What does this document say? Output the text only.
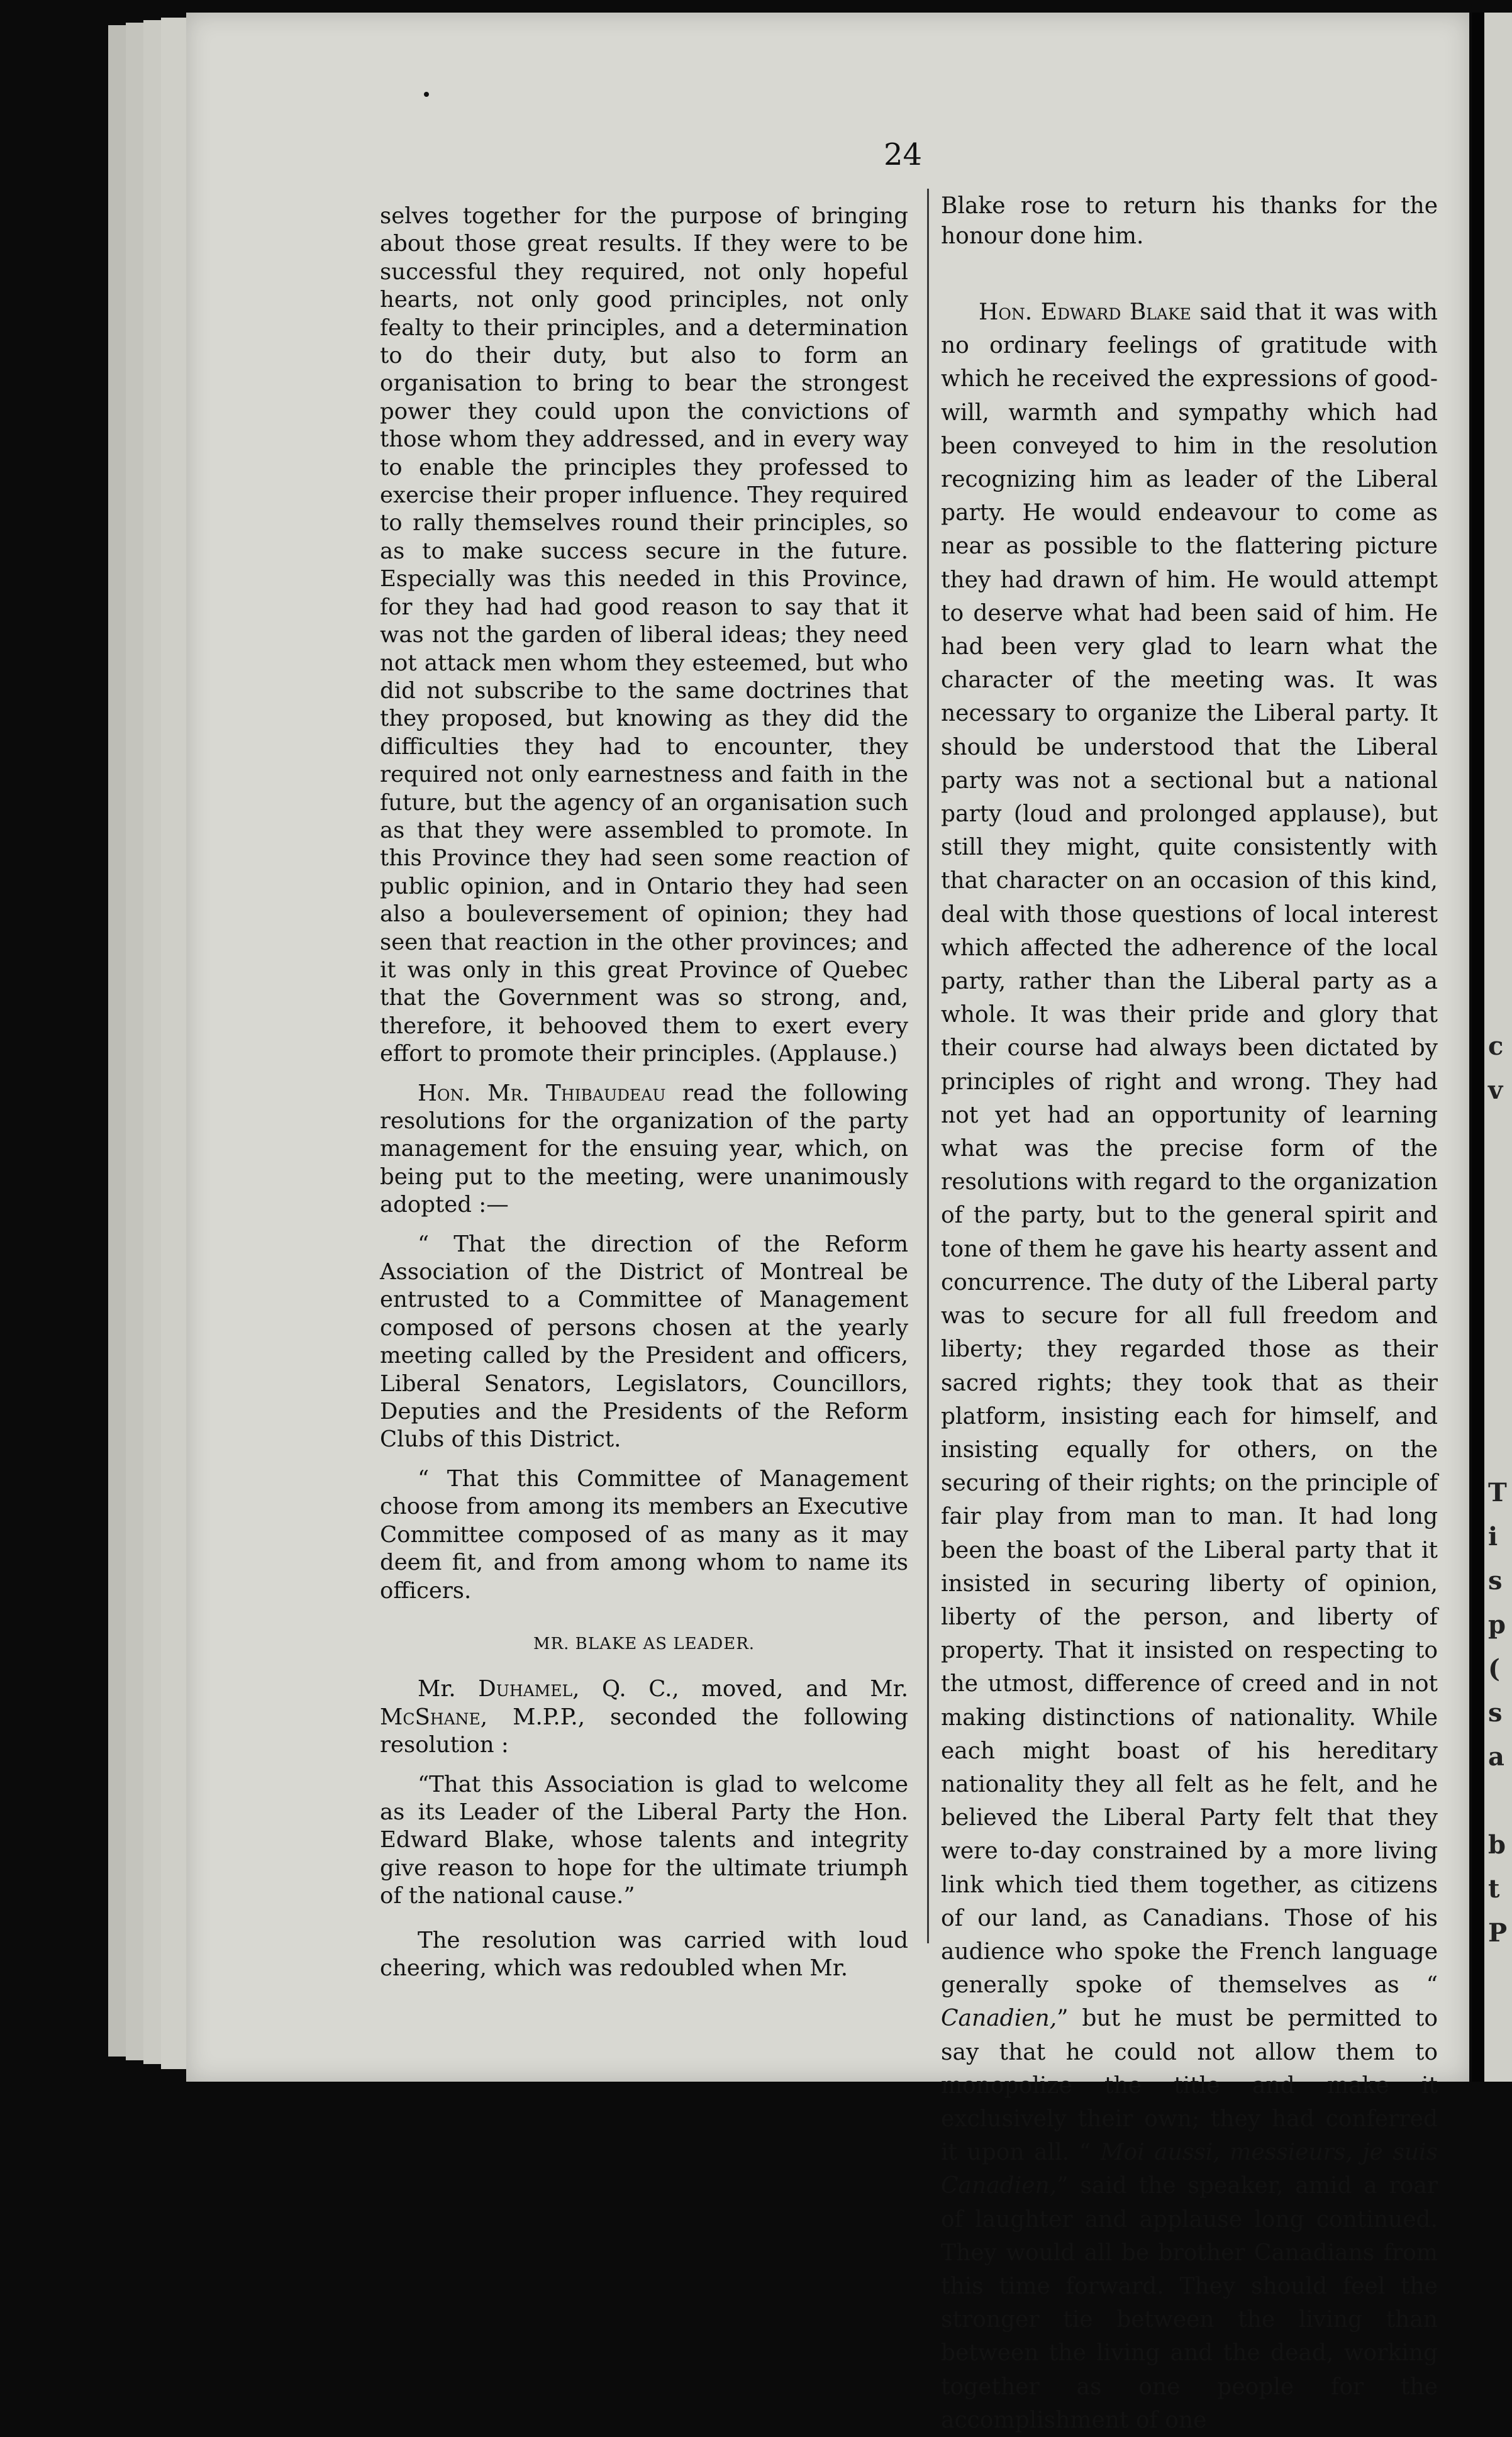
c
v
T
i
s
p
(
s
a
b
t
P
24

selves together for the purpose of bringing about those great results. If they were to be successful they required, not only hopeful hearts, not only good principles, not only fealty to their principles, and a determination to do their duty, but also to form an organisation to bring to bear the strongest power they could upon the convictions of those whom they addressed, and in every way to enable the principles they professed to exercise their proper influence. They required to rally themselves round their principles, so as to make success secure in the future. Especially was this needed in this Province, for they had had good reason to say that it was not the garden of liberal ideas; they need not attack men whom they esteemed, but who did not subscribe to the same doctrines that they proposed, but knowing as they did the difficulties they had to encounter, they required not only earnestness and faith in the future, but the agency of an organisation such as that they were assembled to promote. In this Province they had seen some reaction of public opinion, and in Ontario they had seen also a bouleversement of opinion; they had seen that reaction in the other provinces; and it was only in this great Province of Quebec that the Government was so strong, and, therefore, it behooved them to exert every effort to promote their principles. (Applause.)

Hon. Mr. Thibaudeau read the following resolutions for the organization of the party management for the ensuing year, which, on being put to the meeting, were unanimously adopted :—

“ That the direction of the Reform Association of the District of Montreal be entrusted to a Committee of Management composed of persons chosen at the yearly meeting called by the President and officers, Liberal Senators, Legislators, Councillors, Deputies and the Presidents of the Reform Clubs of this District.

“ That this Committee of Management choose from among its members an Executive Committee composed of as many as it may deem fit, and from among whom to name its officers.

MR. BLAKE AS LEADER.

Mr. Duhamel, Q. C., moved, and Mr. McShane, M.P.P., seconded the following resolution :

“That this Association is glad to welcome as its Leader of the Liberal Party the Hon. Edward Blake, whose talents and integrity give reason to hope for the ultimate triumph of the national cause.”

The resolution was carried with loud cheering, which was redoubled when Mr.

Blake rose to return his thanks for the honour done him.

Hon. Edward Blake said that it was with no ordinary feelings of gratitude with which he received the expressions of good-will, warmth and sympathy which had been conveyed to him in the resolution recognizing him as leader of the Liberal party. He would endeavour to come as near as possible to the flattering picture they had drawn of him. He would attempt to deserve what had been said of him. He had been very glad to learn what the character of the meeting was. It was necessary to organize the Liberal party. It should be understood that the Liberal party was not a sectional but a national party (loud and prolonged applause), but still they might, quite consistently with that character on an occasion of this kind, deal with those questions of local interest which affected the adherence of the local party, rather than the Liberal party as a whole. It was their pride and glory that their course had always been dictated by principles of right and wrong. They had not yet had an opportunity of learning what was the precise form of the resolutions with regard to the organization of the party, but to the general spirit and tone of them he gave his hearty assent and concurrence. The duty of the Liberal party was to secure for all full freedom and liberty; they regarded those as their sacred rights; they took that as their platform, insisting each for himself, and insisting equally for others, on the securing of their rights; on the principle of fair play from man to man. It had long been the boast of the Liberal party that it insisted in securing liberty of opinion, liberty of the person, and liberty of property. That it insisted on respecting to the utmost, difference of creed and in not making distinctions of nationality. While each might boast of his hereditary nationality they all felt as he felt, and he believed the Liberal Party felt that they were to-day constrained by a more living link which tied them together, as citizens of our land, as Canadians. Those of his audience who spoke the French language generally spoke of themselves as “ Canadien,” but he must be permitted to say that he could not allow them to monopolize the title and make it exclusively their own; they had conferred it upon all. “ Moi aussi, messieurs, je suis Canadien,” said the speaker, amid a roar of laughter and applause long continued. They would all be brother Canadians from this time forward. They should feel the stronger tie between the living than between the living and the dead, working together as one people for the accomplishment of one
